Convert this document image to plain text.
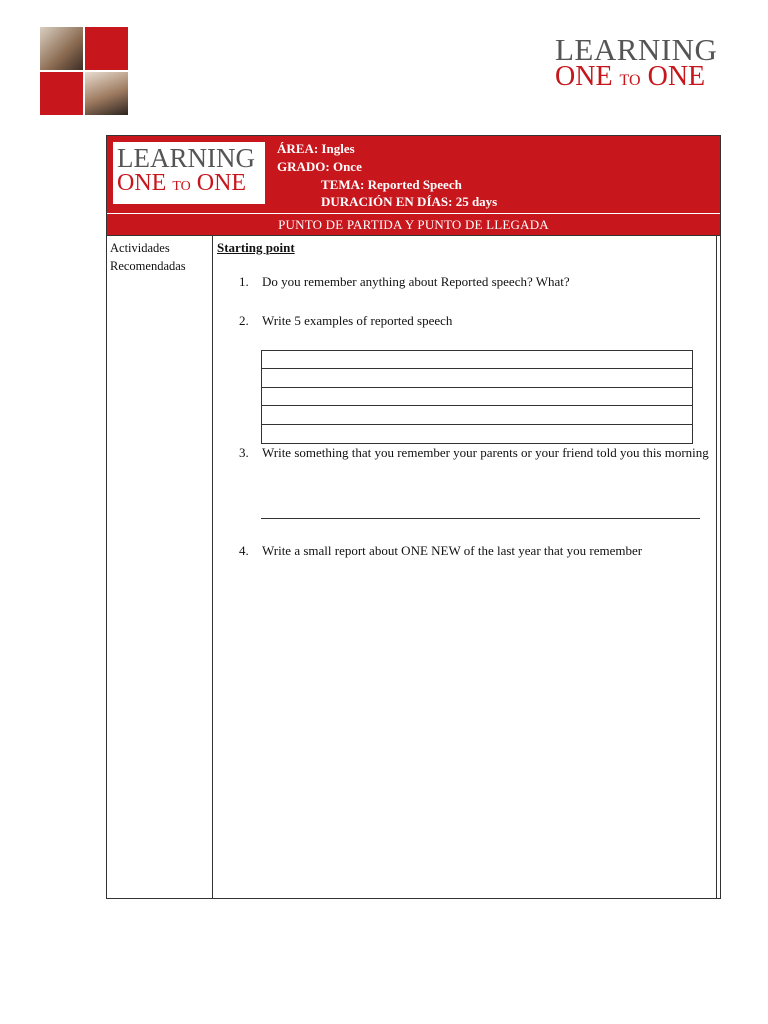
LEARNING
ONE TO ONE
LEARNING
ONE TO ONE
ÁREA: Ingles
GRADO: Once
TEMA: Reported Speech
DURACIÓN EN DÍAS: 25 days
PUNTO DE PARTIDA Y PUNTO DE LLEGADA
Actividades
Recomendadas
Starting point
1.	Do you remember anything about Reported speech? What?
2.	Write 5 examples of reported speech
3.	Write something that you remember your parents or your friend told you this morning
4.	Write a small report about ONE NEW of the last year that you remember
